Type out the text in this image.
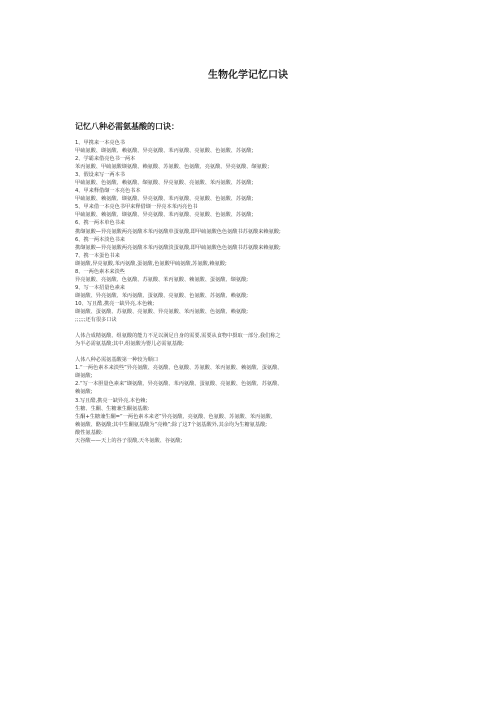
生物化学记忆口诀
记忆八种必需氨基酸的口诀：
1、甲携来一本亮色书
甲硫氨酸、缬氨酸、赖氨酸、异亮氨酸、苯丙氨酸、亮氨酸、色氨酸、苏氨酸；
2、学霸来借亮色书一两本
苯丙氨酸、甲硫氨酸缬氨酸、赖氨酸、苏氨酸、色氨酸、亮氨酸、异亮氨酸、缬氨酸；
3、假设来写一两本书
甲硫氨酸、色氨酸、赖氨酸、缬氨酸、异亮氨酸、亮氨酸、苯丙氨酸、苏氨酸；
4、甲来释借缬一本亮色书本
甲硫氨酸、赖氨酸、缬氨酸、异亮氨酸、苯丙氨酸、亮氨酸、色氨酸、苏氨酸；
5、甲来借一本亮色书甲来释借缬一异亮本苯丙亮色书
甲硫氨酸、赖氨酸、缬氨酸、异亮氨酸、苯丙氨酸、亮氨酸、色氨酸、苏氨酸；
6、携一两本单色书来
携缬氨酸—异亮氨酸两亮氨酸本苯丙氨酸单蛋氨酸,即甲硫氨酸色色氨酸书苏氨酸来赖氨酸;
6、携一两本淡色书来
携缬氨酸—异亮氨酸两亮氨酸本苯丙氨酸淡蛋氨酸,即甲硫氨酸色色氨酸书苏氨酸来赖氨酸;
7、携一本蛋色书来
缬氨酸,异亮氨酸,苯丙氨酸,蛋氨酸,色氨酸甲硫氨酸,苏氨酸,赖氨酸;
8、一两色素本来淡些
异亮氨酸、亮氨酸、色氨酸、苏氨酸、苯丙氨酸、赖氨酸、蛋氨酸、缬氨酸;
9、写一本招量色素来
缬氨酸、异亮氨酸、苯丙氨酸、蛋氨酸、亮氨酸、色氨酸、苏氨酸、赖氨酸;
10、写且酷,携亮一缺异亮,本色赖;
缬氨酸、蛋氨酸、苏氨酸、亮氨酸、异亮氨酸、苯丙氨酸、色氨酸、赖氨酸;
;;;;;;还有很多口诀
人体合成精氨酸、组氨酸的能力不足以满足自身的需要,需要从食物中摄取一部分,我们称之
为半必需氨基酸;其中,组氨酸为婴儿必需氨基酸;
人体八种必需氨基酸第一种较为顺口
1.“一两色素本来淡些”异亮氨酸、亮氨酸、色氨酸、苏氨酸、苯丙氨酸、赖氨酸、蛋氨酸、
缬氨酸;
2.“写一本胆量色素来”缬氨酸、异亮氨酸、苯丙氨酸、蛋氨酸、亮氨酸、色氨酸、苏氨酸、
赖氨酸;
3.写且酷,携亮一缺异亮,本色赖;
生糖、生酮、生糖兼生酮氨基酸:
生酮+生糖兼生酮=“一两色素本来老”异亮氨酸、亮氨酸、色氨酸、苏氨酸、苯丙氨酸、
赖氨酸、酪氨酸;其中生酮氨基酸为“亮赖”;除了这7个氨基酸外,其余均为生糖氨基酸;
酸性氨基酸:
天谷酸——天上的谷子很酸,天冬氨酸、谷氨酸;
